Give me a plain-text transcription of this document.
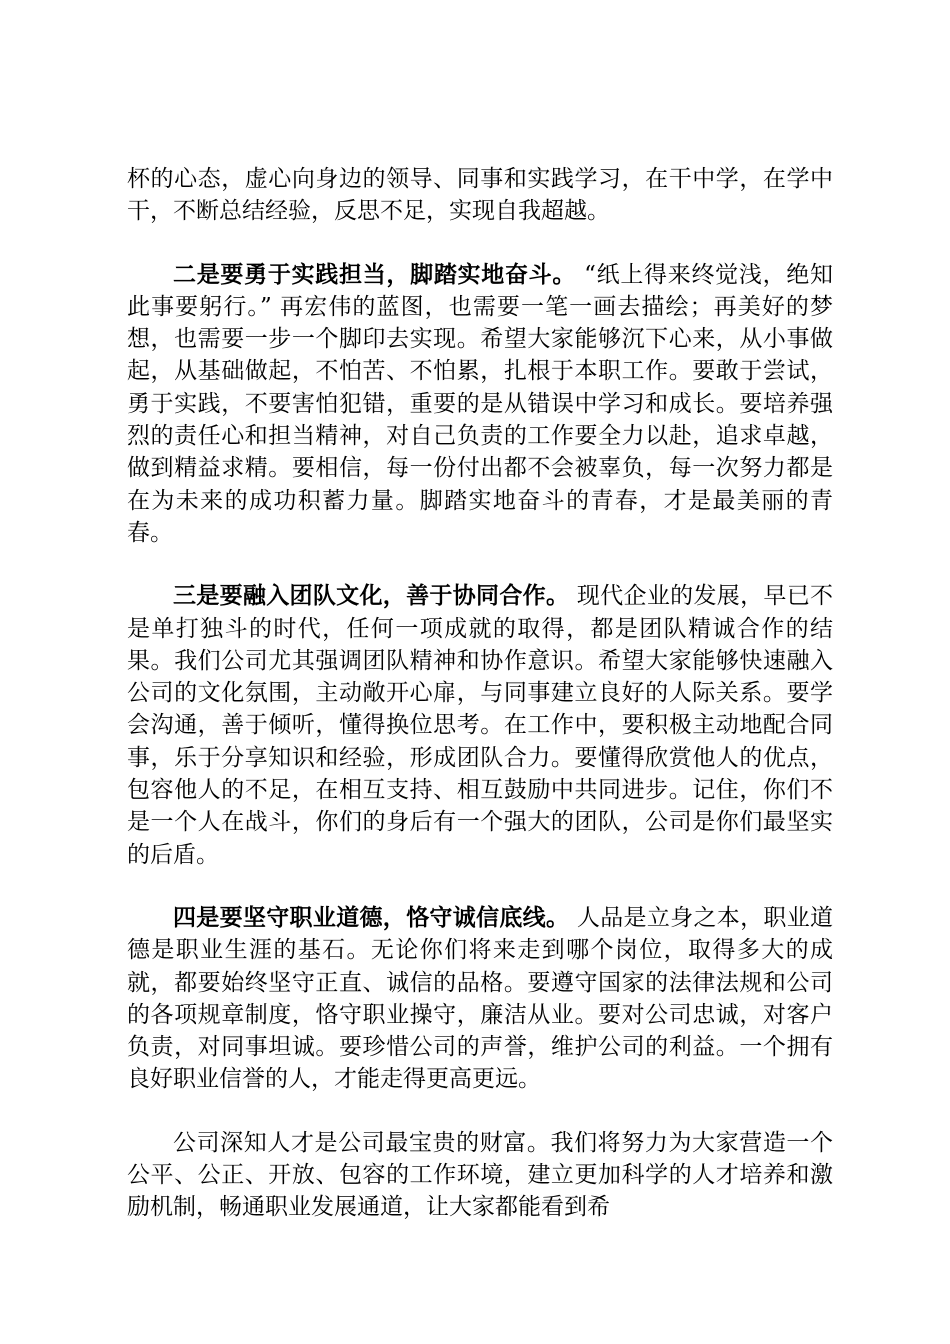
杯的心态，虚心向身边的领导、同事和实践学习，在干中学，在学中干，不断总结经验，反思不足，实现自我超越。

二是要勇于实践担当，脚踏实地奋斗。 “纸上得来终觉浅，绝知此事要躬行。” 再宏伟的蓝图，也需要一笔一画去描绘；再美好的梦想，也需要一步一个脚印去实现。希望大家能够沉下心来，从小事做起，从基础做起，不怕苦、不怕累，扎根于本职工作。要敢于尝试，勇于实践，不要害怕犯错，重要的是从错误中学习和成长。要培养强烈的责任心和担当精神，对自己负责的工作要全力以赴，追求卓越，做到精益求精。要相信，每一份付出都不会被辜负，每一次努力都是在为未来的成功积蓄力量。脚踏实地奋斗的青春，才是最美丽的青春。

三是要融入团队文化，善于协同合作。 现代企业的发展，早已不是单打独斗的时代，任何一项成就的取得，都是团队精诚合作的结果。我们公司尤其强调团队精神和协作意识。希望大家能够快速融入公司的文化氛围，主动敞开心扉，与同事建立良好的人际关系。要学会沟通，善于倾听，懂得换位思考。在工作中，要积极主动地配合同事，乐于分享知识和经验，形成团队合力。要懂得欣赏他人的优点，包容他人的不足，在相互支持、相互鼓励中共同进步。记住，你们不是一个人在战斗，你们的身后有一个强大的团队，公司是你们最坚实的后盾。

四是要坚守职业道德，恪守诚信底线。 人品是立身之本，职业道德是职业生涯的基石。无论你们将来走到哪个岗位，取得多大的成就，都要始终坚守正直、诚信的品格。要遵守国家的法律法规和公司的各项规章制度，恪守职业操守，廉洁从业。要对公司忠诚，对客户负责，对同事坦诚。要珍惜公司的声誉，维护公司的利益。一个拥有良好职业信誉的人，才能走得更高更远。

公司深知人才是公司最宝贵的财富。我们将努力为大家营造一个公平、公正、开放、包容的工作环境，建立更加科学的人才培养和激励机制，畅通职业发展通道，让大家都能看到希
